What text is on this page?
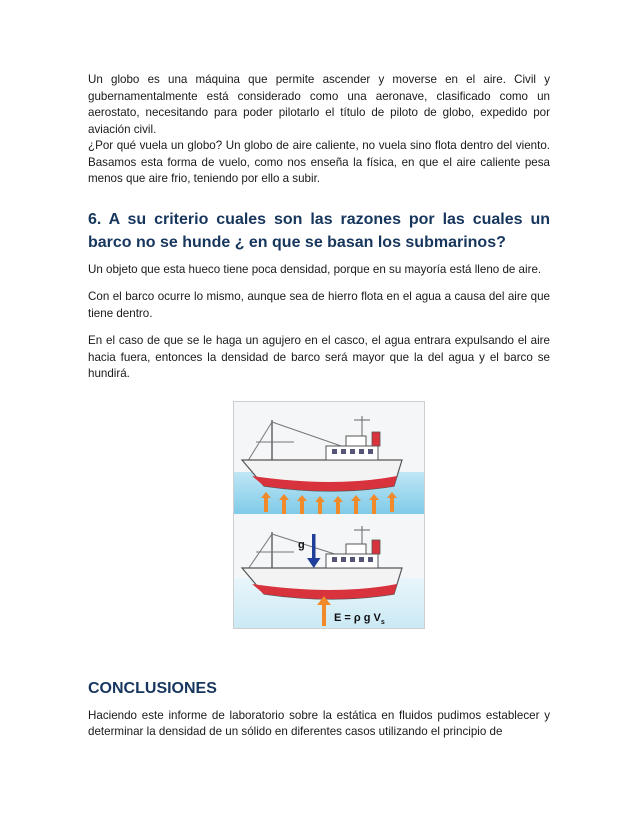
Un globo es una máquina que permite ascender y moverse en el aire. Civil y gubernamentalmente está considerado como una aeronave, clasificado como un aerostato, necesitando para poder pilotarlo el título de piloto de globo, expedido por aviación civil.

¿Por qué vuela un globo? Un globo de aire caliente, no vuela sino flota dentro del viento. Basamos esta forma de vuelo, como nos enseña la física, en que el aire caliente pesa menos que aire frio, teniendo por ello a subir.

6. A su criterio cuales son las razones por las cuales un barco no se hunde ¿ en que se basan los submarinos?

Un objeto que esta hueco tiene poca densidad, porque en su mayoría está lleno de aire.

Con el barco ocurre lo mismo, aunque sea de hierro flota en el agua a causa del aire que tiene dentro.

En el caso de que se le haga un agujero en el casco, el agua entrara expulsando el aire hacia fuera, entonces la densidad de barco será mayor que la del agua y el barco se hundirá.

g
E = ρ g $V_s$
CONCLUSIONES

Haciendo este informe de laboratorio sobre la estática en fluidos pudimos establecer y determinar la densidad de un sólido en diferentes casos utilizando el principio de
